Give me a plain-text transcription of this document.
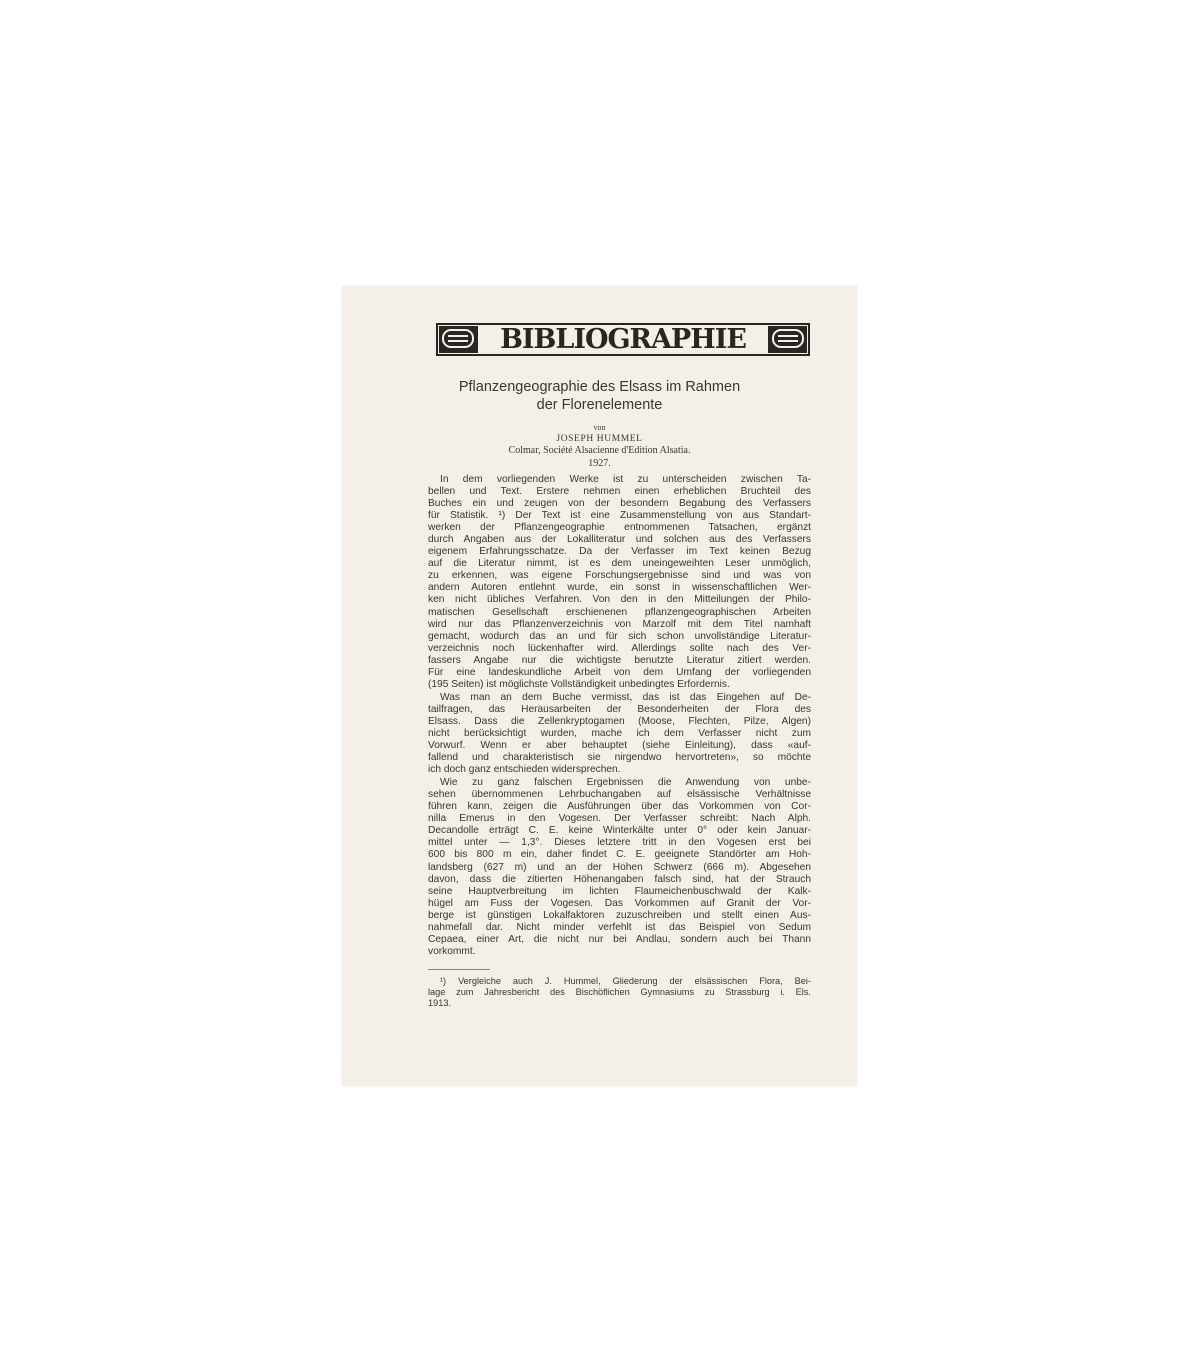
BIBLIOGRAPHIE
Pflanzengeographie des Elsass im Rahmen
der Florenelemente
von
JOSEPH HUMMEL
Colmar, Société Alsacienne d'Edition Alsatia.
1927.
In dem vorliegenden Werke ist zu unterscheiden zwischen Ta-
bellen und Text. Erstere nehmen einen erheblichen Bruchteil des
Buches ein und zeugen von der besondern Begabung des Verfassers
für Statistik. ¹) Der Text ist eine Zusammenstellung von aus Standart-
werken der Pflanzengeographie entnommenen Tatsachen, ergänzt
durch Angaben aus der Lokalliteratur und solchen aus des Verfassers
eigenem Erfahrungsschatze. Da der Verfasser im Text keinen Bezug
auf die Literatur nimmt, ist es dem uneingeweihten Leser unmöglich,
zu erkennen, was eigene Forschungsergebnisse sind und was von
andern Autoren entlehnt wurde, ein sonst in wissenschaftlichen Wer-
ken nicht übliches Verfahren. Von den in den Mitteilungen der Philo-
matischen Gesellschaft erschienenen pflanzengeographischen Arbeiten
wird nur das Pflanzenverzeichnis von Marzolf mit dem Titel namhaft
gemacht, wodurch das an und für sich schon unvollständige Literatur-
verzeichnis noch lückenhafter wird. Allerdings sollte nach des Ver-
fassers Angabe nur die wichtigste benutzte Literatur zitiert werden.
Für eine landeskundliche Arbeit von dem Umfang der vorliegenden
(195 Seiten) ist möglichste Vollständigkeit unbedingtes Erfordernis.
Was man an dem Buche vermisst, das ist das Eingehen auf De-
tailfragen, das Herausarbeiten der Besonderheiten der Flora des
Elsass. Dass die Zellenkryptogamen (Moose, Flechten, Pilze, Algen)
nicht berücksichtigt wurden, mache ich dem Verfasser nicht zum
Vorwurf. Wenn er aber behauptet (siehe Einleitung), dass «auf-
fallend und charakteristisch sie nirgendwo hervortreten», so möchte
ich doch ganz entschieden widersprechen.
Wie zu ganz falschen Ergebnissen die Anwendung von unbe-
sehen übernommenen Lehrbuchangaben auf elsässische Verhältnisse
führen kann, zeigen die Ausführungen über das Vorkommen von Cor-
nilla Emerus in den Vogesen. Der Verfasser schreibt: Nach Alph.
Decandolle erträgt C. E. keine Winterkälte unter 0° oder kein Januar-
mittel unter — 1,3°. Dieses letztere tritt in den Vogesen erst bei
600 bis 800 m ein, daher findet C. E. geeignete Standörter am Hoh-
landsberg (627 m) und an der Hohen Schwerz (666 m). Abgesehen
davon, dass die zitierten Höhenangaben falsch sind, hat der Strauch
seine Hauptverbreitung im lichten Flaumeichenbuschwald der Kalk-
hügel am Fuss der Vogesen. Das Vorkommen auf Granit der Vor-
berge ist günstigen Lokalfaktoren zuzuschreiben und stellt einen Aus-
nahmefall dar. Nicht minder verfehlt ist das Beispiel von Sedum
Cepaea, einer Art, die nicht nur bei Andlau, sondern auch bei Thann
vorkommt.
¹) Vergleiche auch J. Hummel, Gliederung der elsässischen Flora, Bei-
lage zum Jahresbericht des Bischöflichen Gymnasiums zu Strassburg i. Els.
1913.
